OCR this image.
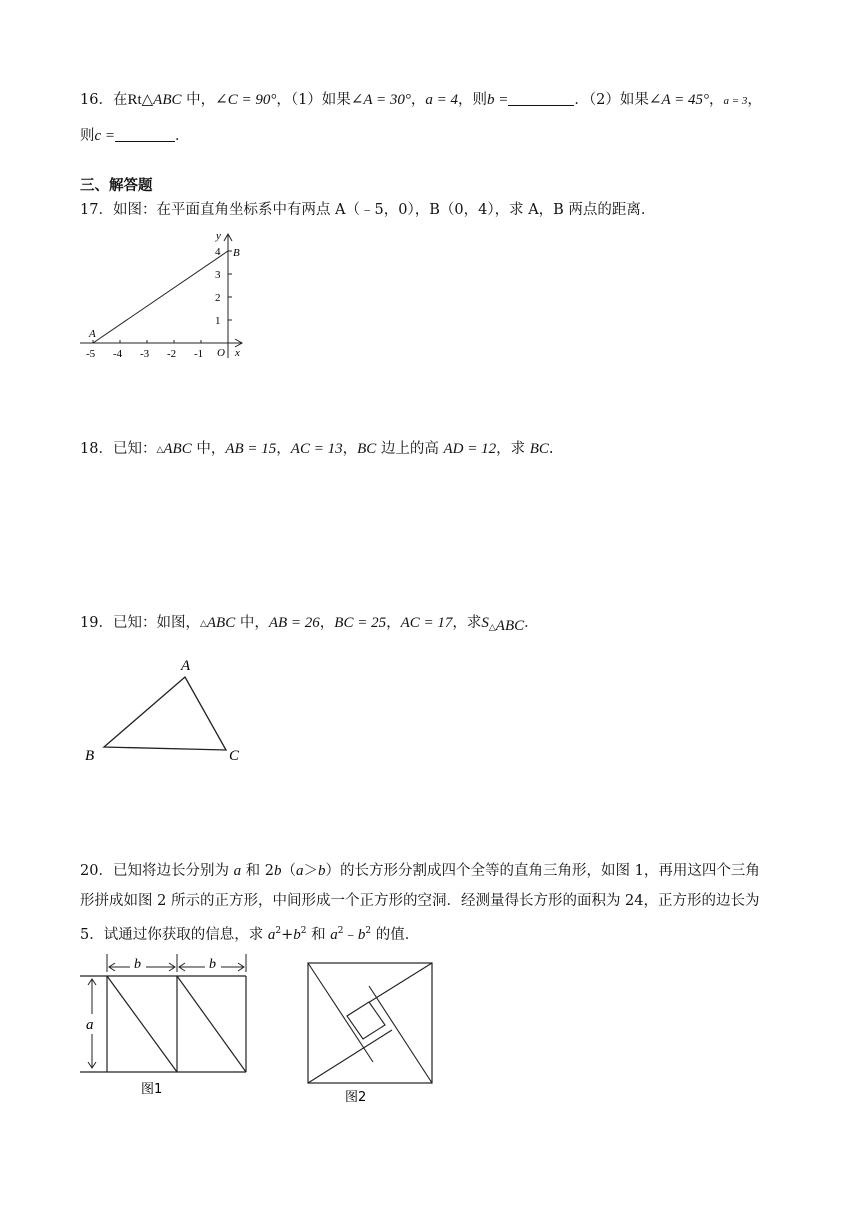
16．在Rt△ABC 中，∠C = 90°，（1）如果∠A = 30°，a = 4，则b =	．（2）如果∠A = 45°，a = 3，
则c =	．
三、解答题
17．如图：在平面直角坐标系中有两点 A（﹣5，0），B（0，4），求 A，B 两点的距离．
-5 -4 -3 -2 -1
1
2
3
4
O x
y
A
B
18．已知：△ABC 中，AB = 15，AC = 13，BC 边上的高 AD = 12，求 BC.
19．已知：如图，△ABC 中，AB = 26，BC = 25，AC = 17，求$S_{\triangle ABC}$．
A
B	C
20．已知将边长分别为 a 和 2b（a＞b）的长方形分割成四个全等的直角三角形，如图 1，再用这四个三角
形拼成如图 2 所示的正方形，中间形成一个正方形的空洞．经测量得长方形的面积为 24，正方形的边长为
5．试通过你获取的信息，求 $a^2+b^2$ 和 $a^2﹣b^2$ 的值．
b	b
a
图1
图2
